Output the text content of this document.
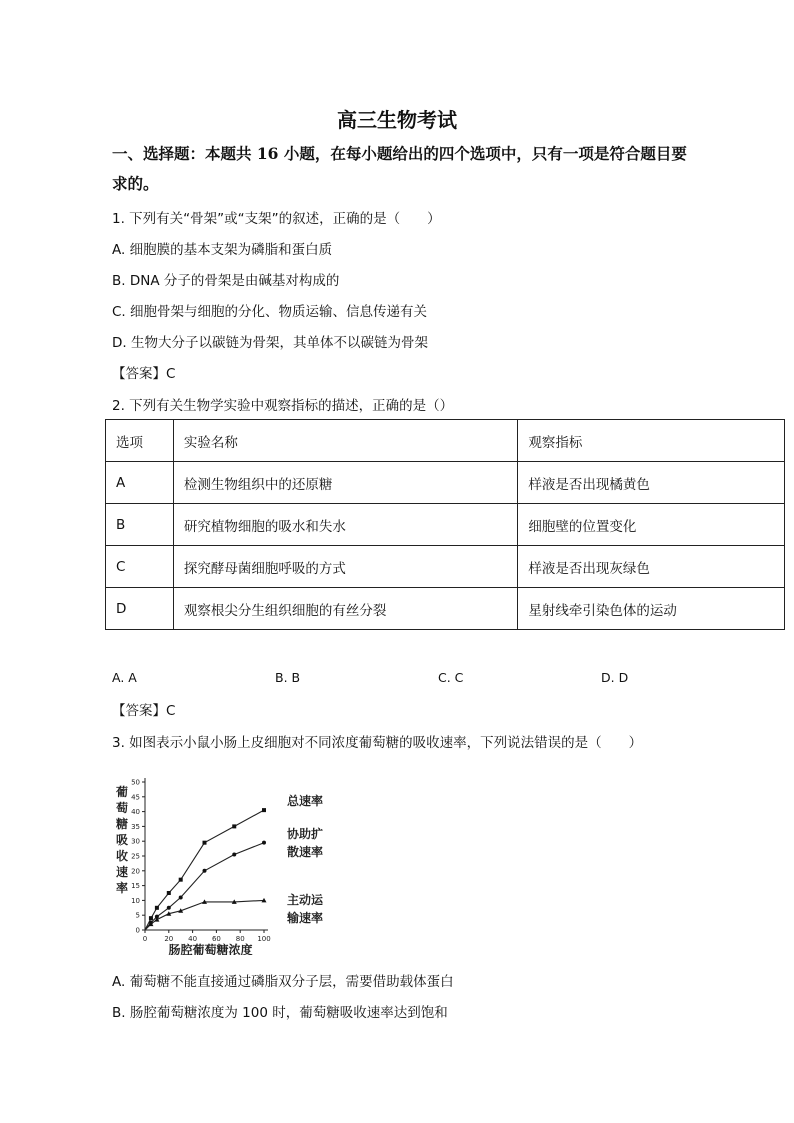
高三生物考试
一、选择题：本题共 16 小题，在每小题给出的四个选项中，只有一项是符合题目要求的。
1. 下列有关“骨架”或“支架”的叙述，正确的是（　　）
A. 细胞膜的基本支架为磷脂和蛋白质
B. DNA 分子的骨架是由碱基对构成的
C. 细胞骨架与细胞的分化、物质运输、信息传递有关
D. 生物大分子以碳链为骨架，其单体不以碳链为骨架
【答案】C
2. 下列有关生物学实验中观察指标的描述，正确的是（）
选项	实验名称	观察指标
A	检测生物组织中的还原糖	样液是否出现橘黄色
B	研究植物细胞的吸水和失水	细胞壁的位置变化
C	探究酵母菌细胞呼吸的方式	样液是否出现灰绿色
D	观察根尖分生组织细胞的有丝分裂	星射线牵引染色体的运动
A. A	B. B	C. C	D. D
【答案】C
3. 如图表示小鼠小肠上皮细胞对不同浓度葡萄糖的吸收速率，下列说法错误的是（　　）
0
5
10
15
20
25
30
35
40
45
50
0 20 40 60 80 100
葡
萄
糖
吸
收
速
率
肠腔葡萄糖浓度
总速率
协助扩
散速率
主动运
输速率
A. 葡萄糖不能直接通过磷脂双分子层，需要借助载体蛋白
B. 肠腔葡萄糖浓度为 100 时，葡萄糖吸收速率达到饱和
